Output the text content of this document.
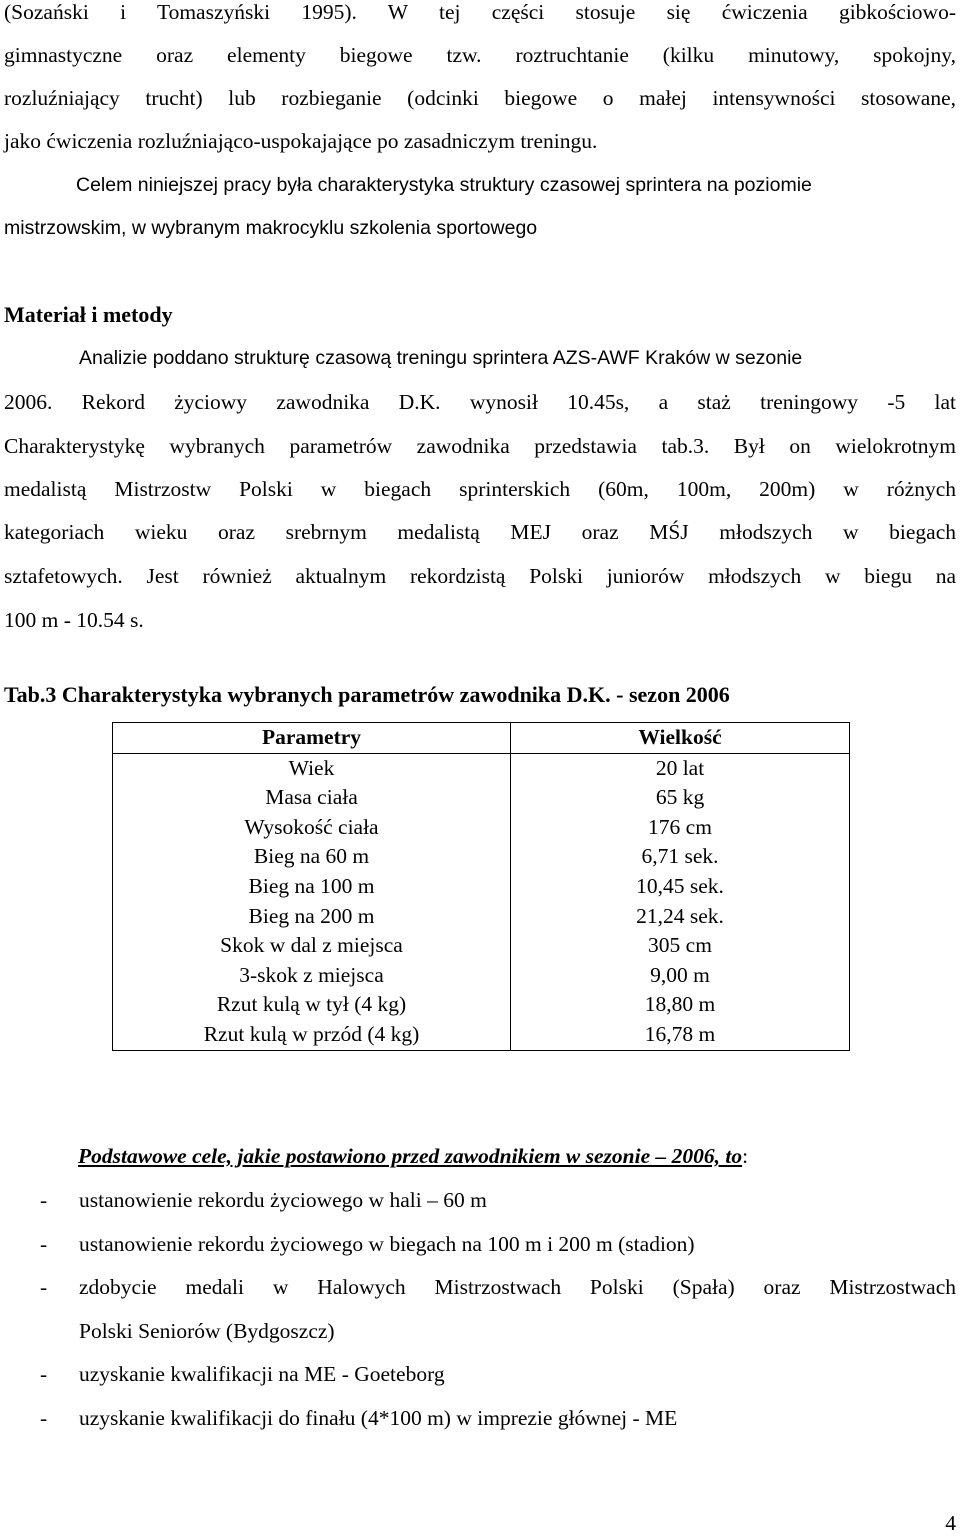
(Sozański i Tomaszyński 1995). W tej części stosuje się ćwiczenia gibkościowo-
gimnastyczne oraz elementy biegowe tzw. roztruchtanie (kilku minutowy, spokojny,
rozluźniający trucht) lub rozbieganie (odcinki biegowe o małej intensywności stosowane,
jako ćwiczenia rozluźniająco-uspokajające po zasadniczym treningu.
Celem niniejszej pracy była charakterystyka struktury czasowej sprintera na poziomie
mistrzowskim, w wybranym makrocyklu szkolenia sportowego
Materiał i metody
Analizie poddano strukturę czasową treningu sprintera AZS-AWF Kraków w sezonie
2006. Rekord życiowy zawodnika D.K. wynosił 10.45s, a staż treningowy -5 lat
Charakterystykę wybranych parametrów zawodnika przedstawia tab.3. Był on wielokrotnym
medalistą Mistrzostw Polski w biegach sprinterskich (60m, 100m, 200m) w różnych
kategoriach wieku oraz srebrnym medalistą MEJ oraz MŚJ młodszych w biegach
sztafetowych. Jest również aktualnym rekordzistą Polski juniorów młodszych w biegu na
100 m - 10.54 s.
Tab.3 Charakterystyka wybranych parametrów zawodnika D.K. - sezon 2006
Parametry	Wielkość
Wiek	20 lat
Masa ciała	65 kg
Wysokość ciała	176 cm
Bieg na 60 m	6,71 sek.
Bieg na 100 m	10,45 sek.
Bieg na 200 m	21,24 sek.
Skok w dal z miejsca	305 cm
3-skok z miejsca	9,00 m
Rzut kulą w tył (4 kg)	18,80 m
Rzut kulą w przód (4 kg)	16,78 m
Podstawowe cele, jakie postawiono przed zawodnikiem w sezonie – 2006, to:
- ustanowienie rekordu życiowego w hali – 60 m
- ustanowienie rekordu życiowego w biegach na 100 m i 200 m (stadion)
- zdobycie medali w Halowych Mistrzostwach Polski (Spała) oraz Mistrzostwach
Polski Seniorów (Bydgoszcz)
- uzyskanie kwalifikacji na ME - Goeteborg
- uzyskanie kwalifikacji do finału (4*100 m) w imprezie głównej - ME
4
